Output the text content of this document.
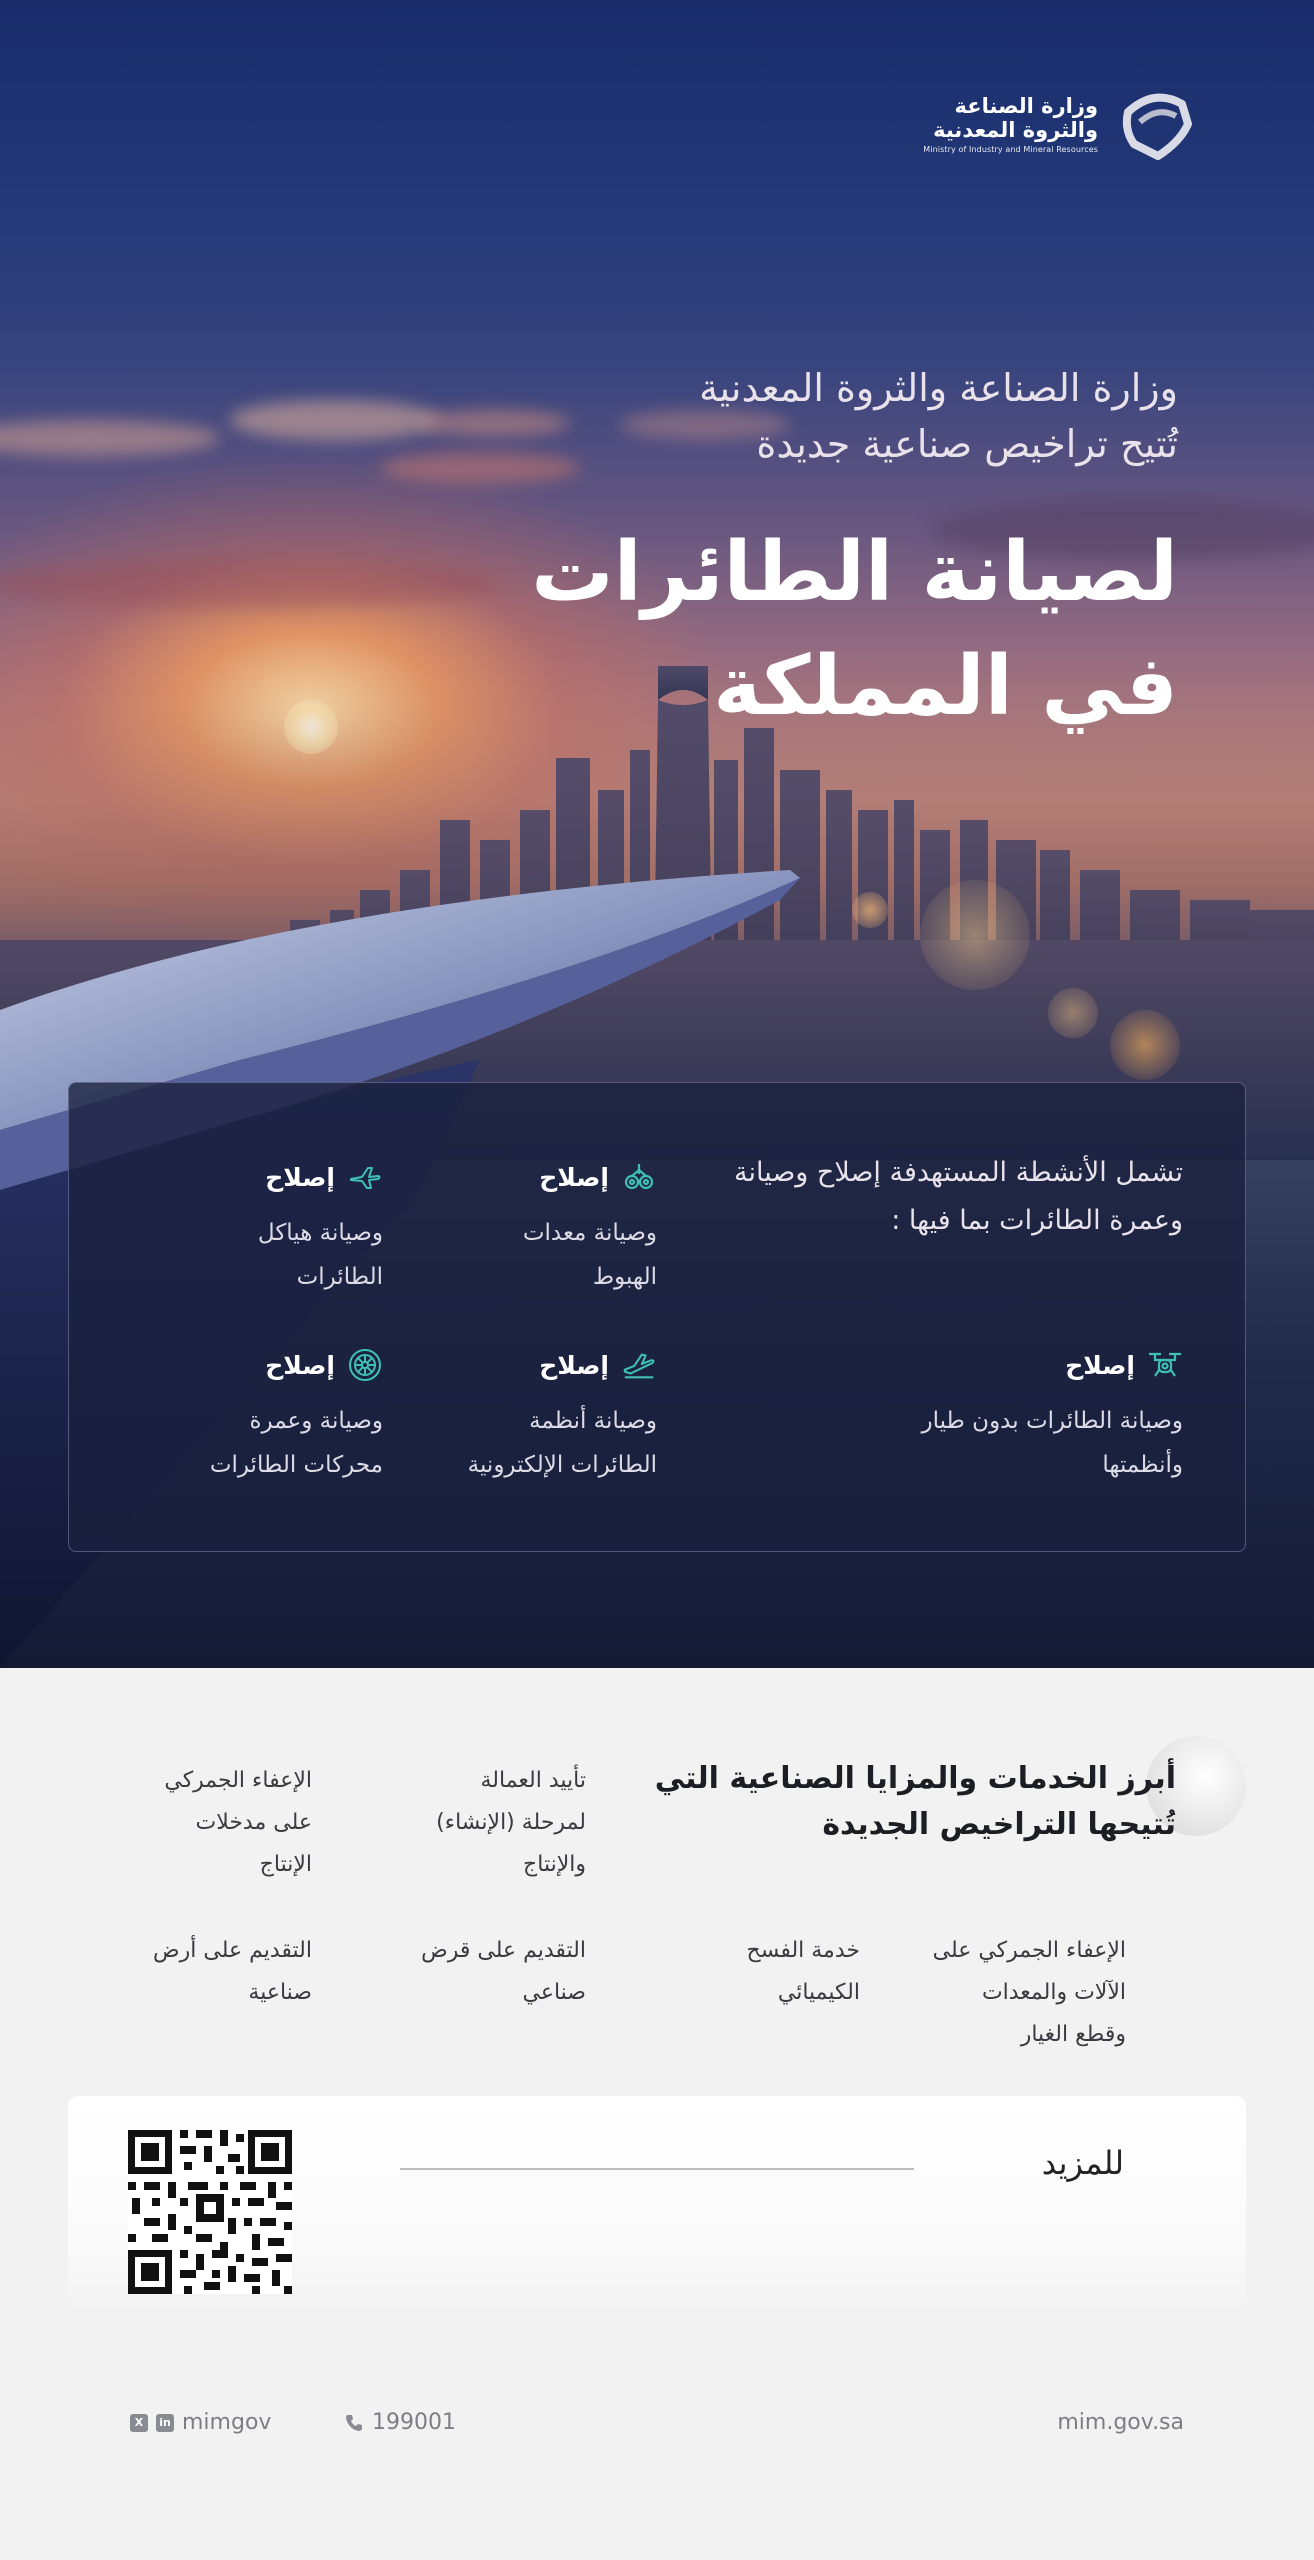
وزارة الصناعة
والثروة المعدنية
Ministry of Industry and Mineral Resources
وزارة الصناعة والثروة المعدنية
تُتيح تراخيص صناعية جديدة
لصيانة الطائرات
في المملكة
تشمل الأنشطة المستهدفة إصلاح وصيانة
وعمرة الطائرات بما فيها :
إصلاح
وصيانة معدات
الهبوط
إصلاح
وصيانة هياكل
الطائرات
إصلاح
وصيانة الطائرات بدون طيار
وأنظمتها
إصلاح
وصيانة أنظمة
الطائرات الإلكترونية
إصلاح
وصيانة وعمرة
محركات الطائرات
أبرز الخدمات والمزايا الصناعية التي
تُتيحها التراخيص الجديدة
تأييد العمالة
لمرحلة (الإنشاء)
والإنتاج
الإعفاء الجمركي
على مدخلات
الإنتاج
الإعفاء الجمركي على
الآلات والمعدات
وقطع الغيار
خدمة الفسح
الكيميائي
التقديم على قرض
صناعي
التقديم على أرض
صناعية
للمزيد
X	in mimgov	199001	mim.gov.sa
